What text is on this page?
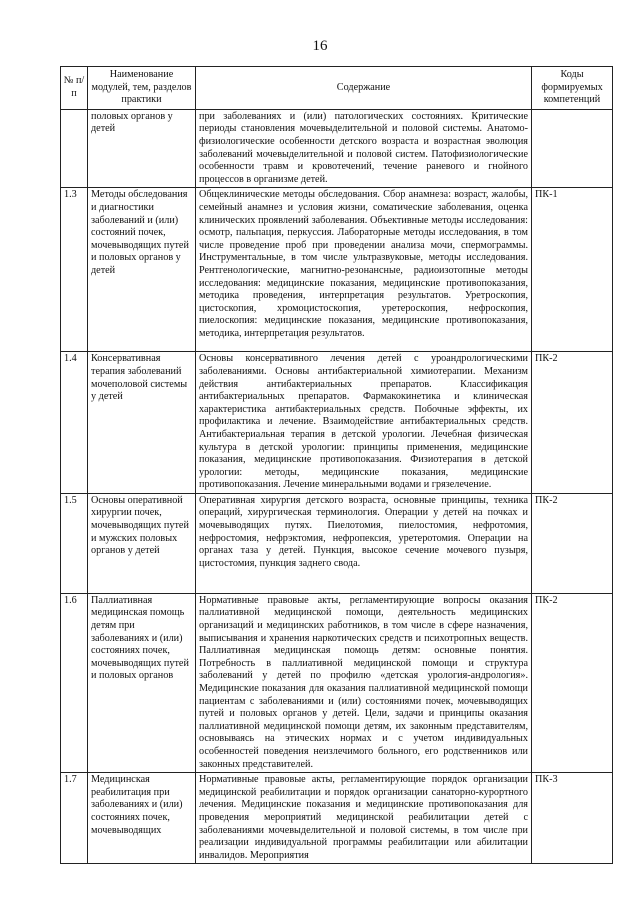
16
№ п/п	Наименование модулей, тем, разделов практики	Содержание	Коды формируемых компетенций
	половых органов у детей	при заболеваниях и (или) патологических состояниях. Критические периоды становления мочевыделительной и половой системы. Анатомо-физиологические особенности детского возраста и возрастная эволюция заболеваний мочевыделительной и половой систем. Патофизиологические особенности травм и кровотечений, течение раневого и гнойного процессов в организме детей.	
1.3	Методы обследования и диагностики заболеваний и (или) состояний почек, мочевыводящих путей и половых органов у детей	Общеклинические методы обследования. Сбор анамнеза: возраст, жалобы, семейный анамнез и условия жизни, соматические заболевания, оценка клинических проявлений заболевания. Объективные методы исследования: осмотр, пальпация, перкуссия. Лабораторные методы исследования, в том числе проведение проб при проведении анализа мочи, спермограммы. Инструментальные, в том числе ультразвуковые, методы исследования. Рентгенологические, магнитно-резонансные, радиоизотопные методы исследования: медицинские показания, медицинские противопоказания, методика проведения, интерпретация результатов. Уретроскопия, цистоскопия, хромоцистоскопия, уретероскопия, нефроскопия, пиелоскопия: медицинские показания, медицинские противопоказания, методика, интерпретация результатов.	ПК-1
1.4	Консервативная терапия заболеваний мочеполовой системы у детей	Основы консервативного лечения детей с уроандрологическими заболеваниями. Основы антибактериальной химиотерапии. Механизм действия антибактериальных препаратов. Классификация антибактериальных препаратов. Фармакокинетика и клиническая характеристика антибактериальных средств. Побочные эффекты, их профилактика и лечение. Взаимодействие антибактериальных средств. Антибактериальная терапия в детской урологии. Лечебная физическая культура в детской урологии: принципы применения, медицинские показания, медицинские противопоказания. Физиотерапия в детской урологии: методы, медицинские показания, медицинские противопоказания. Лечение минеральными водами и грязелечение.	ПК-2
1.5	Основы оперативной хирургии почек, мочевыводящих путей и мужских половых органов у детей	Оперативная хирургия детского возраста, основные принципы, техника операций, хирургическая терминология. Операции у детей на почках и мочевыводящих путях. Пиелотомия, пиелостомия, нефротомия, нефростомия, нефрэктомия, нефропексия, уретеротомия. Операции на органах таза у детей. Пункция, высокое сечение мочевого пузыря, цистостомия, пункция заднего свода.	ПК-2
1.6	Паллиативная медицинская помощь детям при заболеваниях и (или) состояниях почек, мочевыводящих путей и половых органов	Нормативные правовые акты, регламентирующие вопросы оказания паллиативной медицинской помощи, деятельность медицинских организаций и медицинских работников, в том числе в сфере назначения, выписывания и хранения наркотических средств и психотропных веществ. Паллиативная медицинская помощь детям: основные понятия. Потребность в паллиативной медицинской помощи и структура заболеваний у детей по профилю «детская урология-андрология». Медицинские показания для оказания паллиативной медицинской помощи пациентам с заболеваниями и (или) состояниями почек, мочевыводящих путей и половых органов у детей. Цели, задачи и принципы оказания паллиативной медицинской помощи детям, их законным представителям, основываясь на этических нормах и с учетом индивидуальных особенностей поведения неизлечимого больного, его родственников или законных представителей.	ПК-2
1.7	Медицинская реабилитация при заболеваниях и (или) состояниях почек, мочевыводящих	Нормативные правовые акты, регламентирующие порядок организации медицинской реабилитации и порядок организации санаторно-курортного лечения. Медицинские показания и медицинские противопоказания для проведения мероприятий медицинской реабилитации детей с заболеваниями мочевыделительной и половой системы, в том числе при реализации индивидуальной программы реабилитации или абилитации инвалидов. Мероприятия	ПК-3
